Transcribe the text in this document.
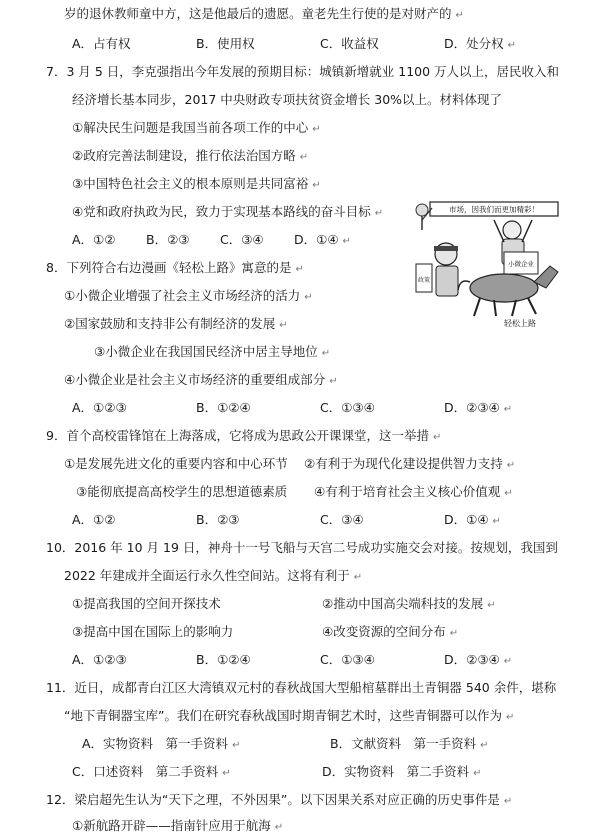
岁的退休教师童中方，这是他最后的遗愿。童老先生行使的是对财产的 ↵
A．占有权	B．使用权	C．收益权	D．处分权 ↵
7．3 月 5 日，李克强指出今年发展的预期目标：城镇新增就业 1100 万人以上，居民收入和
经济增长基本同步，2017 中央财政专项扶贫资金增长 30%以上。材料体现了
①解决民生问题是我国当前各项工作的中心 ↵
②政府完善法制建设，推行依法治国方略 ↵
③中国特色社会主义的根本原则是共同富裕 ↵
④党和政府执政为民，致力于实现基本路线的奋斗目标 ↵
A．①② B．②③ C．③④ D．①④ ↵
8．下列符合右边漫画《轻松上路》寓意的是 ↵
①小微企业增强了社会主义市场经济的活力 ↵
②国家鼓励和支持非公有制经济的发展 ↵
③小微企业在我国国民经济中居主导地位 ↵
④小微企业是社会主义市场经济的重要组成部分 ↵
A．①②③	B．①②④	C．①③④	D．②③④ ↵
9．首个高校雷锋馆在上海落成，它将成为思政公开课课堂，这一举措 ↵
①是发展先进文化的重要内容和中心环节 ②有利于为现代化建设提供智力支持 ↵
③能彻底提高高校学生的思想道德素质 ④有利于培育社会主义核心价值观 ↵
A．①②	B．②③	C．③④	D．①④ ↵
10．2016 年 10 月 19 日，神舟十一号飞船与天宫二号成功实施交会对接。按规划，我国到
2022 年建成并全面运行永久性空间站。这将有利于 ↵
①提高我国的空间开探技术	②推动中国高尖端科技的发展 ↵
③提高中国在国际上的影响力	④改变资源的空间分布 ↵
A．①②③	B．①②④	C．①③④	D．②③④ ↵
11．近日，成都青白江区大湾镇双元村的春秋战国大型船棺墓群出土青铜器 540 余件，堪称
“地下青铜器宝库”。我们在研究春秋战国时期青铜艺术时，这些青铜器可以作为 ↵
A．实物资料　第一手资料 ↵	B．文献资料　第一手资料 ↵
C．口述资料　第二手资料 ↵	D．实物资料　第二手资料 ↵
12．梁启超先生认为“天下之理，不外因果”。以下因果关系对应正确的历史事件是 ↵
①新航路开辟——指南针应用于航海 ↵
市场，因我们而更加精彩！
小微企业
政策
轻松上路
